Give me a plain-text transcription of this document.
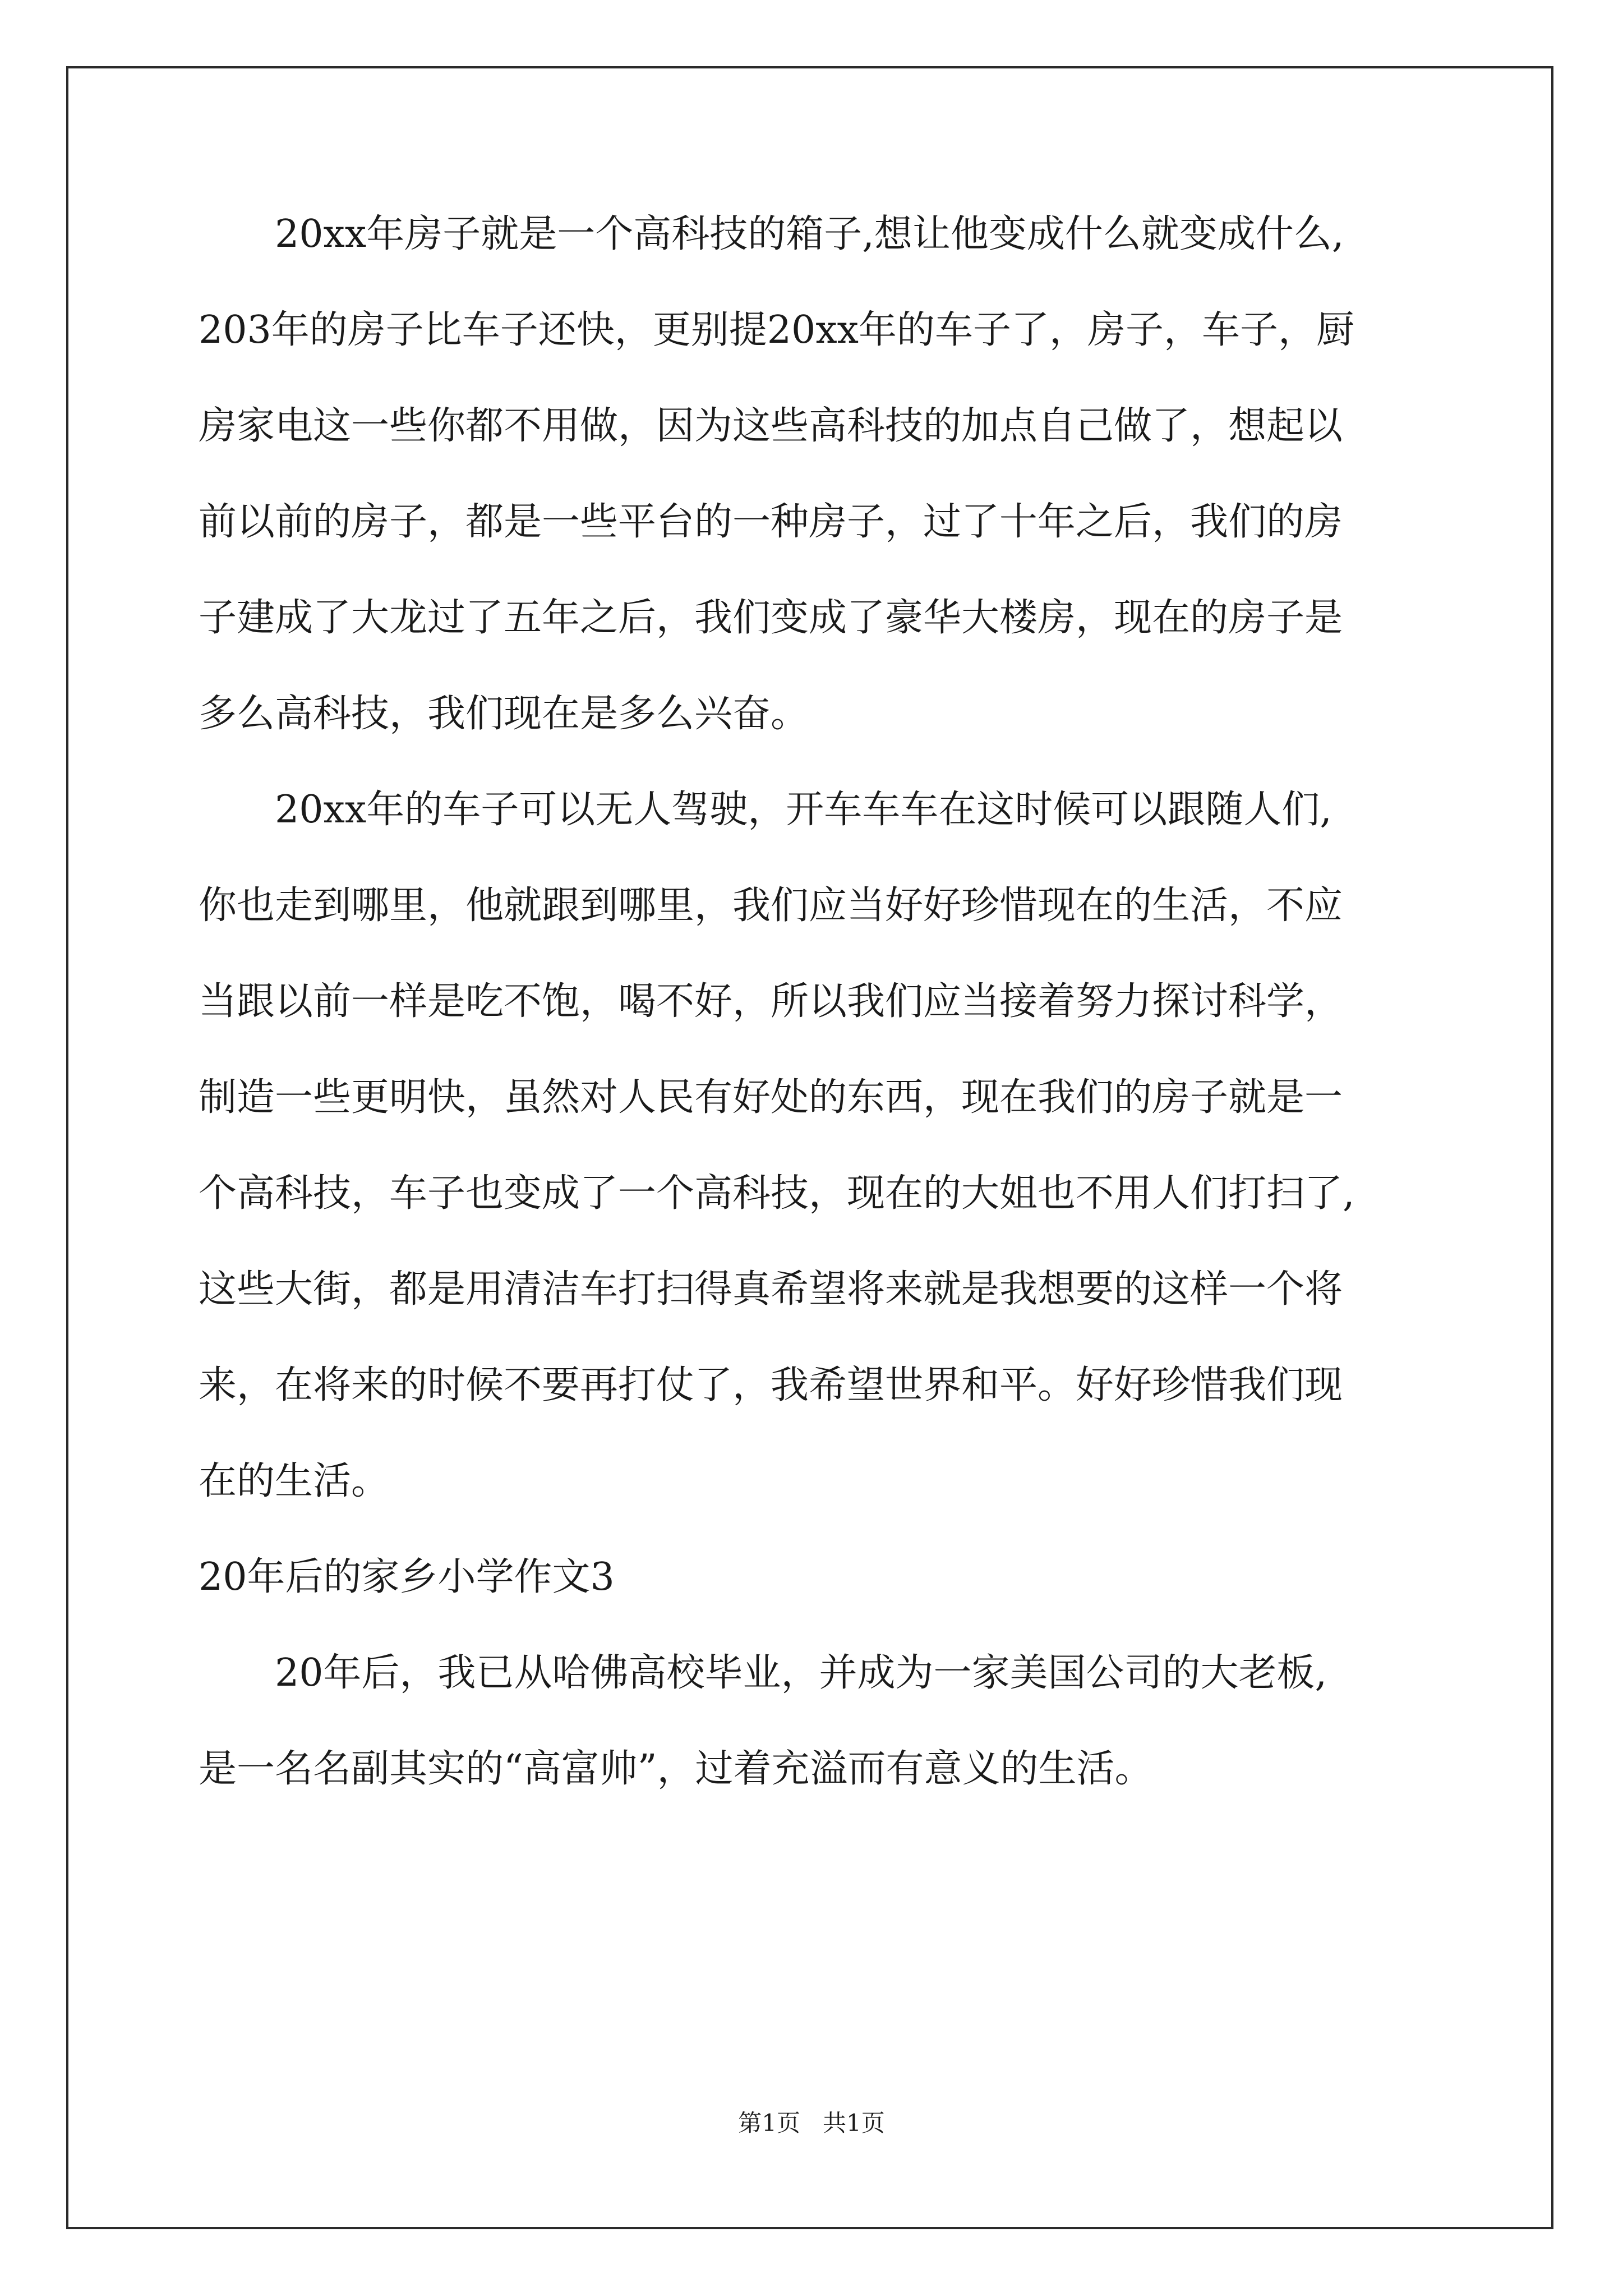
20xx年房子就是一个高科技的箱子,想让他变成什么就变成什么,
203年的房子比车子还快，更别提20xx年的车子了，房子，车子，厨
房家电这一些你都不用做，因为这些高科技的加点自己做了，想起以
前以前的房子，都是一些平台的一种房子，过了十年之后，我们的房
子建成了大龙过了五年之后，我们变成了豪华大楼房，现在的房子是
多么高科技，我们现在是多么兴奋。
20xx年的车子可以无人驾驶，开车车车在这时候可以跟随人们,
你也走到哪里，他就跟到哪里，我们应当好好珍惜现在的生活，不应
当跟以前一样是吃不饱，喝不好，所以我们应当接着努力探讨科学，
制造一些更明快，虽然对人民有好处的东西，现在我们的房子就是一
个高科技，车子也变成了一个高科技，现在的大姐也不用人们打扫了,
这些大街，都是用清洁车打扫得真希望将来就是我想要的这样一个将
来，在将来的时候不要再打仗了，我希望世界和平。好好珍惜我们现
在的生活。
20年后的家乡小学作文3
20年后，我已从哈佛高校毕业，并成为一家美国公司的大老板,
是一名名副其实的“高富帅”，过着充溢而有意义的生活。
第1页   共1页
